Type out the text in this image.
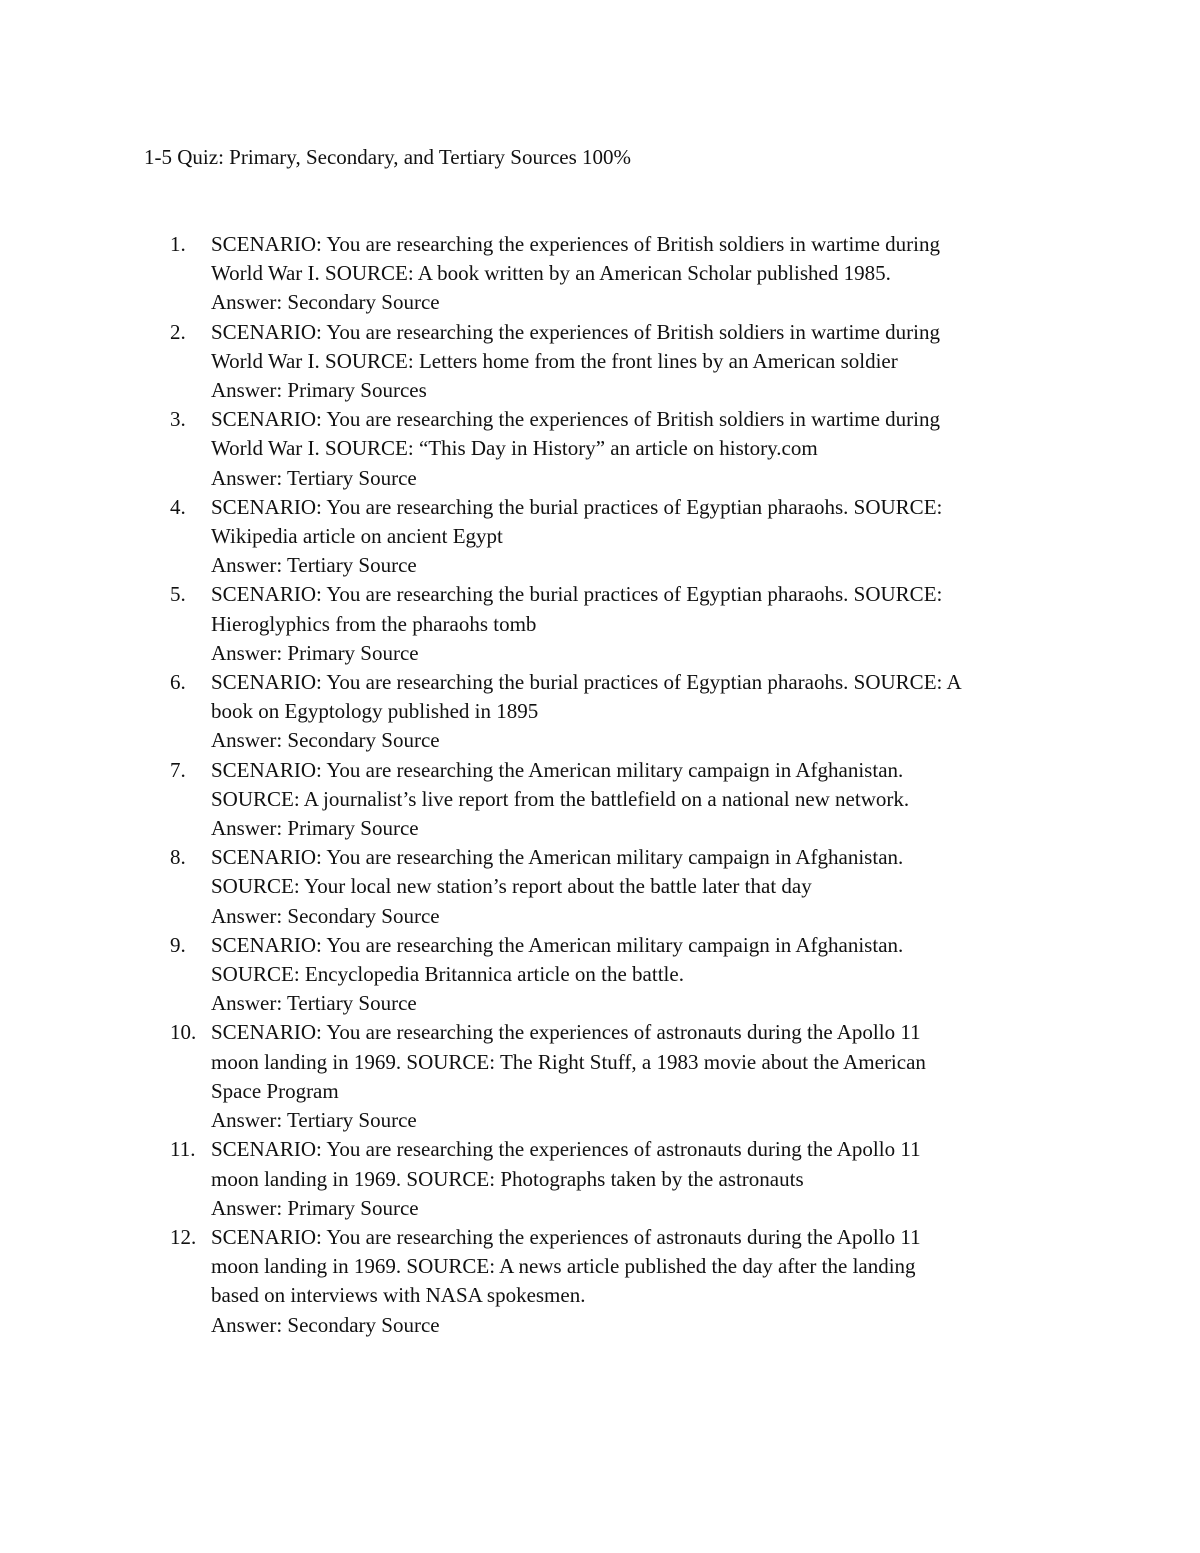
1-5 Quiz: Primary, Secondary, and Tertiary Sources 100%
1.	SCENARIO: You are researching the experiences of British soldiers in wartime during
World War I. SOURCE: A book written by an American Scholar published 1985.
Answer: Secondary Source
2.	SCENARIO: You are researching the experiences of British soldiers in wartime during
World War I. SOURCE: Letters home from the front lines by an American soldier
Answer: Primary Sources
3.	SCENARIO: You are researching the experiences of British soldiers in wartime during
World War I. SOURCE: “This Day in History” an article on history.com
Answer: Tertiary Source
4.	SCENARIO: You are researching the burial practices of Egyptian pharaohs. SOURCE:
Wikipedia article on ancient Egypt
Answer: Tertiary Source
5.	SCENARIO: You are researching the burial practices of Egyptian pharaohs. SOURCE:
Hieroglyphics from the pharaohs tomb
Answer: Primary Source
6.	SCENARIO: You are researching the burial practices of Egyptian pharaohs. SOURCE: A
book on Egyptology published in 1895
Answer: Secondary Source
7.	SCENARIO: You are researching the American military campaign in Afghanistan.
SOURCE: A journalist’s live report from the battlefield on a national new network.
Answer: Primary Source
8.	SCENARIO: You are researching the American military campaign in Afghanistan.
SOURCE: Your local new station’s report about the battle later that day
Answer: Secondary Source
9.	SCENARIO: You are researching the American military campaign in Afghanistan.
SOURCE: Encyclopedia Britannica article on the battle.
Answer: Tertiary Source
10. SCENARIO: You are researching the experiences of astronauts during the Apollo 11
moon landing in 1969. SOURCE: The Right Stuff, a 1983 movie about the American
Space Program
Answer: Tertiary Source
11. SCENARIO: You are researching the experiences of astronauts during the Apollo 11
moon landing in 1969. SOURCE: Photographs taken by the astronauts
Answer: Primary Source
12. SCENARIO: You are researching the experiences of astronauts during the Apollo 11
moon landing in 1969. SOURCE: A news article published the day after the landing
based on interviews with NASA spokesmen.
Answer: Secondary Source
